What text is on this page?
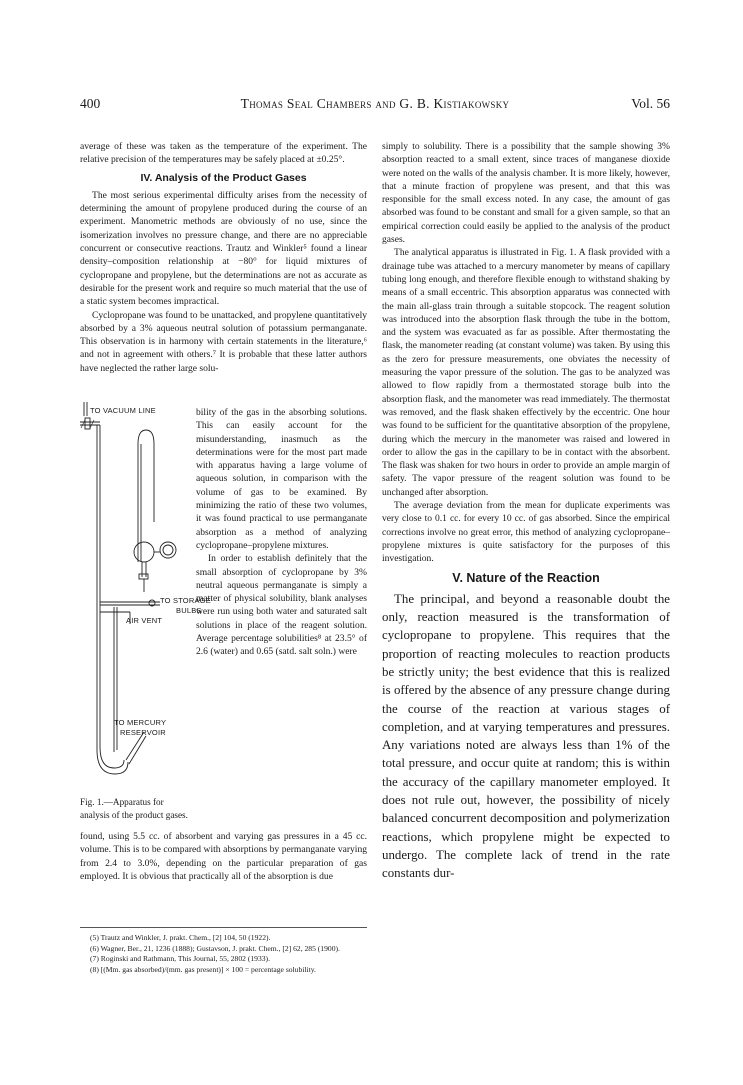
400	Thomas Seal Chambers and G. B. Kistiakowsky	Vol. 56

average of these was taken as the temperature of the experiment. The relative precision of the temperatures may be safely placed at ±0.25°.

IV. Analysis of the Product Gases

The most serious experimental difficulty arises from the necessity of determining the amount of propylene produced during the course of an experiment. Manometric methods are obviously of no use, since the isomerization involves no pressure change, and there are no appreciable concurrent or consecutive reactions. Trautz and Winkler⁵ found a linear density–composition relationship at −80° for liquid mixtures of cyclopropane and propylene, but the determinations are not as accurate as desirable for the present work and require so much material that the use of a static system becomes impractical.

Cyclopropane was found to be unattacked, and propylene quantitatively absorbed by a 3% aqueous neutral solution of potassium permanganate. This observation is in harmony with certain statements in the literature,⁶ and not in agreement with others.⁷ It is probable that these latter authors have neglected the rather large solu-

TO VACUUM LINE
TO STORAGE
BULBS
AIR VENT
TO MERCURY
RESERVOIR

bility of the gas in the absorbing solutions. This can easily account for the misunderstanding, inasmuch as the determinations were for the most part made with apparatus having a large volume of aqueous solution, in comparison with the volume of gas to be examined. By minimizing the ratio of these two volumes, it was found practical to use permanganate absorption as a method of analyzing cyclopropane–propylene mixtures.

In order to establish definitely that the small absorption of cyclopropane by 3% neutral aqueous permanganate is simply a matter of physical solubility, blank analyses were run using both water and saturated salt solutions in place of the reagent solution. Average percentage solubilities⁸ at 23.5° of 2.6 (water) and 0.65 (satd. salt soln.) were

Fig. 1.—Apparatus for analysis of the product gases.

found, using 5.5 cc. of absorbent and varying gas pressures in a 45 cc. volume. This is to be compared with absorptions by permanganate varying from 2.4 to 3.0%, depending on the particular preparation of gas employed. It is obvious that practically all of the absorption is due

(5) Trautz and Winkler, J. prakt. Chem., [2] 104, 50 (1922).

(6) Wagner, Ber., 21, 1236 (1888); Gustavson, J. prakt. Chem., [2] 62, 285 (1900).

(7) Roginski and Rathmann, This Journal, 55, 2802 (1933).

(8) [(Mm. gas absorbed)/(mm. gas present)] × 100 = percentage solubility.

simply to solubility. There is a possibility that the sample showing 3% absorption reacted to a small extent, since traces of manganese dioxide were noted on the walls of the analysis chamber. It is more likely, however, that a minute fraction of propylene was present, and that this was responsible for the small excess noted. In any case, the amount of gas absorbed was found to be constant and small for a given sample, so that an empirical correction could easily be applied to the analysis of the product gases.

The analytical apparatus is illustrated in Fig. 1. A flask provided with a drainage tube was attached to a mercury manometer by means of capillary tubing long enough, and therefore flexible enough to withstand shaking by means of a small eccentric. This absorption apparatus was connected with the main all-glass train through a suitable stopcock. The reagent solution was introduced into the absorption flask through the tube in the bottom, and the system was evacuated as far as possible. After thermostating the flask, the manometer reading (at constant volume) was taken. By using this as the zero for pressure measurements, one obviates the necessity of measuring the vapor pressure of the solution. The gas to be analyzed was allowed to flow rapidly from a thermostated storage bulb into the absorption flask, and the manometer was read immediately. The thermostat was removed, and the flask shaken effectively by the eccentric. One hour was found to be sufficient for the quantitative absorption of the propylene, during which the mercury in the manometer was raised and lowered in order to allow the gas in the capillary to be in contact with the absorbent. The flask was shaken for two hours in order to provide an ample margin of safety. The vapor pressure of the reagent solution was found to be unchanged after absorption.

The average deviation from the mean for duplicate experiments was very close to 0.1 cc. for every 10 cc. of gas absorbed. Since the empirical corrections involve no great error, this method of analyzing cyclopropane–propylene mixtures is quite satisfactory for the purposes of this investigation.

V. Nature of the Reaction

The principal, and beyond a reasonable doubt the only, reaction measured is the transformation of cyclopropane to propylene. This requires that the proportion of reacting molecules to reaction products be strictly unity; the best evidence that this is realized is offered by the absence of any pressure change during the course of the reaction at various stages of completion, and at varying temperatures and pressures. Any variations noted are always less than 1% of the total pressure, and occur quite at random; this is within the accuracy of the capillary manometer employed. It does not rule out, however, the possibility of nicely balanced concurrent decomposition and polymerization reactions, which propylene might be expected to undergo. The complete lack of trend in the rate constants dur-
